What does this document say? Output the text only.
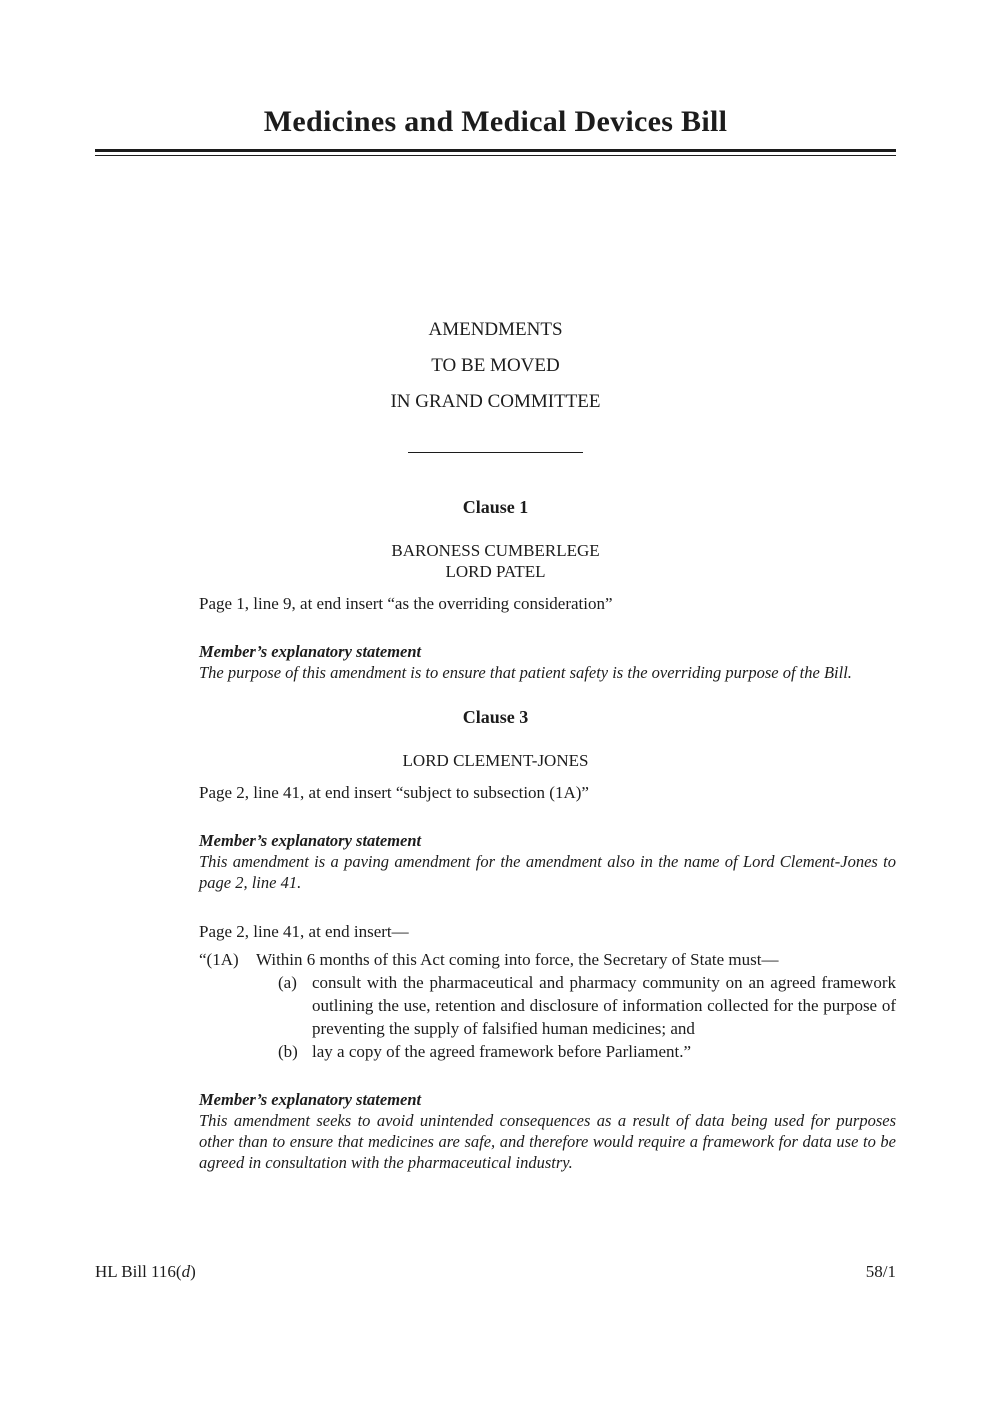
Medicines and Medical Devices Bill
AMENDMENTS
TO BE MOVED
IN GRAND COMMITTEE
Clause 1
BARONESS CUMBERLEGE
LORD PATEL

Page 1, line 9, at end insert “as the overriding consideration”

Member’s explanatory statement

The purpose of this amendment is to ensure that patient safety is the overriding purpose of the Bill.

Clause 3
LORD CLEMENT-JONES

Page 2, line 41, at end insert “subject to subsection (1A)”

Member’s explanatory statement

This amendment is a paving amendment for the amendment also in the name of Lord Clement-Jones to page 2, line 41.

Page 2, line 41, at end insert—

“(1A)	Within 6 months of this Act coming into force, the Secretary of State must—
(a) consult with the pharmaceutical and pharmacy community on an agreed framework outlining the use, retention and disclosure of information collected for the purpose of preventing the supply of falsified human medicines; and
(b) lay a copy of the agreed framework before Parliament.”

Member’s explanatory statement

This amendment seeks to avoid unintended consequences as a result of data being used for purposes other than to ensure that medicines are safe, and therefore would require a framework for data use to be agreed in consultation with the pharmaceutical industry.

HL Bill 116(d)	58/1
